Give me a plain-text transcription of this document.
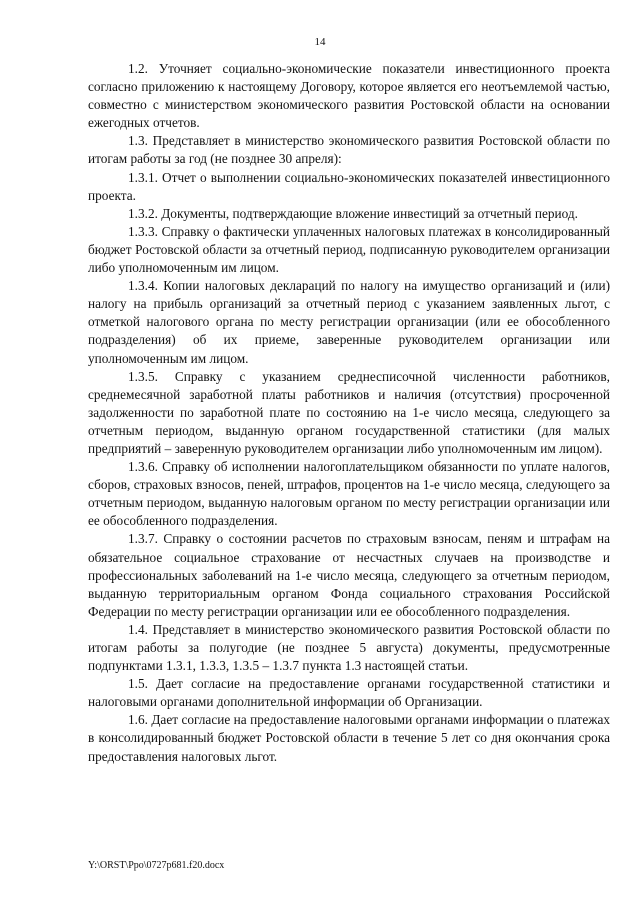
14

1.2. Уточняет социально-экономические показатели инвестиционного проекта согласно приложению к настоящему Договору, которое является его неотъемлемой частью, совместно с министерством экономического развития Ростовской области на основании ежегодных отчетов.

1.3. Представляет в министерство экономического развития Ростовской области по итогам работы за год (не позднее 30 апреля):

1.3.1. Отчет о выполнении социально-экономических показателей инвестиционного проекта.

1.3.2. Документы, подтверждающие вложение инвестиций за отчетный период.

1.3.3. Справку о фактически уплаченных налоговых платежах в консолидированный бюджет Ростовской области за отчетный период, подписанную руководителем организации либо уполномоченным им лицом.

1.3.4. Копии налоговых деклараций по налогу на имущество организаций и (или) налогу на прибыль организаций за отчетный период с указанием заявленных льгот, с отметкой налогового органа по месту регистрации организации (или ее обособленного подразделения) об их приеме, заверенные руководителем организации или уполномоченным им лицом.

1.3.5. Справку с указанием среднесписочной численности работников, среднемесячной заработной платы работников и наличия (отсутствия) просроченной задолженности по заработной плате по состоянию на 1-е число месяца, следующего за отчетным периодом, выданную органом государственной статистики (для малых предприятий – заверенную руководителем организации либо уполномоченным им лицом).

1.3.6. Справку об исполнении налогоплательщиком обязанности по уплате налогов, сборов, страховых взносов, пеней, штрафов, процентов на 1-е число месяца, следующего за отчетным периодом, выданную налоговым органом по месту регистрации организации или ее обособленного подразделения.

1.3.7. Справку о состоянии расчетов по страховым взносам, пеням и штрафам на обязательное социальное страхование от несчастных случаев на производстве и профессиональных заболеваний на 1-е число месяца, следующего за отчетным периодом, выданную территориальным органом Фонда социального страхования Российской Федерации по месту регистрации организации или ее обособленного подразделения.

1.4. Представляет в министерство экономического развития Ростовской области по итогам работы за полугодие (не позднее 5 августа) документы, предусмотренные подпунктами 1.3.1, 1.3.3, 1.3.5 – 1.3.7 пункта 1.3 настоящей статьи.

1.5. Дает согласие на предоставление органами государственной статистики и налоговыми органами дополнительной информации об Организации.

1.6. Дает согласие на предоставление налоговыми органами информации о платежах в консолидированный бюджет Ростовской области в течение 5 лет со дня окончания срока предоставления налоговых льгот.

Y:\ORST\Ppo\0727p681.f20.docx
